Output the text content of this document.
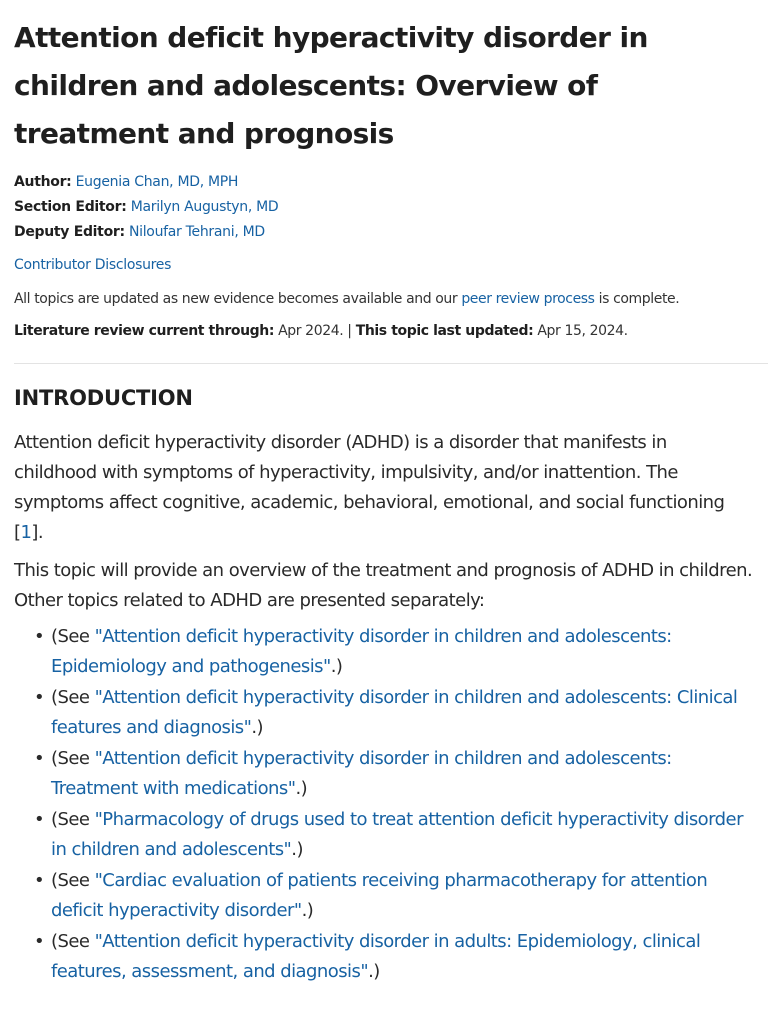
Attention deficit hyperactivity disorder in children and adolescents: Overview of treatment and prognosis
Author: Eugenia Chan, MD, MPH
Section Editor: Marilyn Augustyn, MD
Deputy Editor: Niloufar Tehrani, MD
Contributor Disclosures
All topics are updated as new evidence becomes available and our peer review process is complete.
Literature review current through: Apr 2024. | This topic last updated: Apr 15, 2024.
INTRODUCTION

Attention deficit hyperactivity disorder (ADHD) is a disorder that manifests in childhood with symptoms of hyperactivity, impulsivity, and/or inattention. The symptoms affect cognitive, academic, behavioral, emotional, and social functioning [1].

This topic will provide an overview of the treatment and prognosis of ADHD in children. Other topics related to ADHD are presented separately:

• (See "Attention deficit hyperactivity disorder in children and adolescents: Epidemiology and pathogenesis".)
• (See "Attention deficit hyperactivity disorder in children and adolescents: Clinical features and diagnosis".)
• (See "Attention deficit hyperactivity disorder in children and adolescents: Treatment with medications".)
• (See "Pharmacology of drugs used to treat attention deficit hyperactivity disorder in children and adolescents".)
• (See "Cardiac evaluation of patients receiving pharmacotherapy for attention deficit hyperactivity disorder".)
• (See "Attention deficit hyperactivity disorder in adults: Epidemiology, clinical features, assessment, and diagnosis".)
